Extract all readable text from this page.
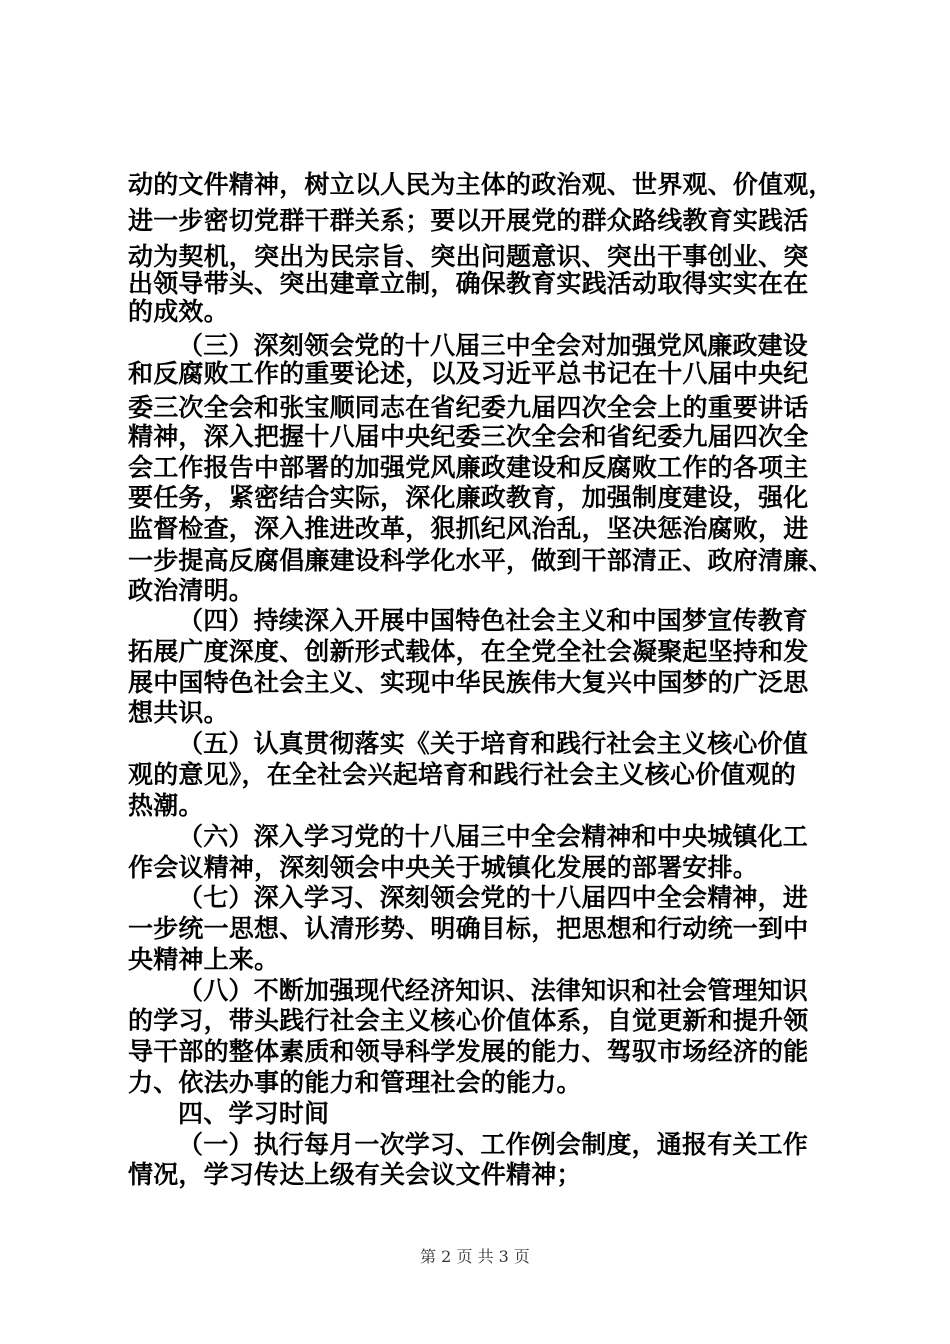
动的文件精神，树立以人民为主体的政治观、世界观、价值观，
进一步密切党群干群关系；要以开展党的群众路线教育实践活
动为契机，突出为民宗旨、突出问题意识、突出干事创业、突
出领导带头、突出建章立制，确保教育实践活动取得实实在在
的成效。
（三）深刻领会党的十八届三中全会对加强党风廉政建设
和反腐败工作的重要论述，以及习近平总书记在十八届中央纪
委三次全会和张宝顺同志在省纪委九届四次全会上的重要讲话
精神，深入把握十八届中央纪委三次全会和省纪委九届四次全
会工作报告中部署的加强党风廉政建设和反腐败工作的各项主
要任务，紧密结合实际，深化廉政教育，加强制度建设，强化
监督检查，深入推进改革，狠抓纪风治乱，坚决惩治腐败，进
一步提高反腐倡廉建设科学化水平，做到干部清正、政府清廉、
政治清明。
（四）持续深入开展中国特色社会主义和中国梦宣传教育
拓展广度深度、创新形式载体，在全党全社会凝聚起坚持和发
展中国特色社会主义、实现中华民族伟大复兴中国梦的广泛思
想共识。
（五）认真贯彻落实《关于培育和践行社会主义核心价值
观的意见》，在全社会兴起培育和践行社会主义核心价值观的
热潮。
（六）深入学习党的十八届三中全会精神和中央城镇化工
作会议精神，深刻领会中央关于城镇化发展的部署安排。
（七）深入学习、深刻领会党的十八届四中全会精神，进
一步统一思想、认清形势、明确目标，把思想和行动统一到中
央精神上来。
（八）不断加强现代经济知识、法律知识和社会管理知识
的学习，带头践行社会主义核心价值体系，自觉更新和提升领
导干部的整体素质和领导科学发展的能力、驾驭市场经济的能
力、依法办事的能力和管理社会的能力。
四、学习时间
（一）执行每月一次学习、工作例会制度，通报有关工作
情况，学习传达上级有关会议文件精神；
第 2 页 共 3 页
